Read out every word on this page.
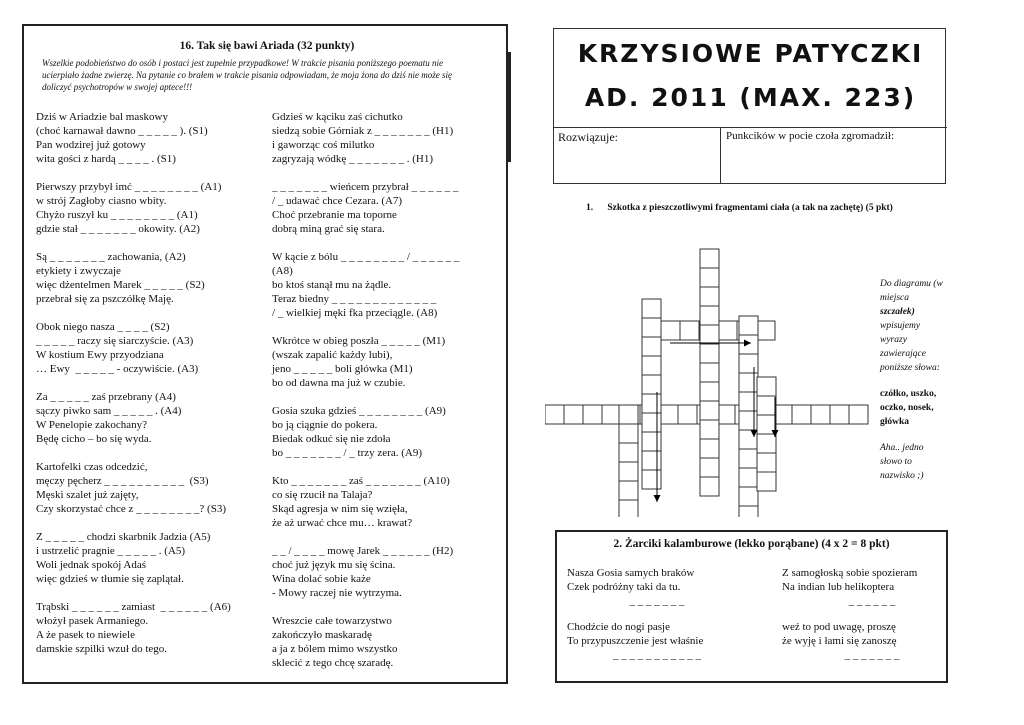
16. Tak się bawi Ariada (32 punkty)
Wszelkie podobieństwo do osób i postaci jest zupełnie przypadkowe! W trakcie pisania poniższego poematu nie ucierpiało żadne zwierzę. Na pytanie co brałem w trakcie pisania odpowiadam, że moja żona do dziś nie może się doliczyć psychotropów w swojej aptece!!!
Dziś w Ariadzie bal maskowy
(choć karnawał dawno _ _ _ _ _ ). (S1)
Pan wodzirej już gotowy
wita gości z hardą _ _ _ _ . (S1)
Pierwszy przybył imć _ _ _ _ _ _ _ _ (A1)
w strój Zagłoby ciasno wbity.
Chyżo ruszył ku _ _ _ _ _ _ _ _ (A1)
gdzie stał _ _ _ _ _ _ _ okowity. (A2)
Są _ _ _ _ _ _ _ zachowania, (A2)
etykiety i zwyczaje
więc dżentelmen Marek _ _ _ _ _ (S2)
przebrał się za pszczółkę Maję.
Obok niego nasza _ _ _ _ (S2)
_ _ _ _ _ raczy się siarczyście. (A3)
W kostium Ewy przyodziana
… Ewy  _ _ _ _ _ - oczywiście. (A3)
Za _ _ _ _ _ zaś przebrany (A4)
sączy piwko sam _ _ _ _ _ . (A4)
W Penelopie zakochany?
Będę cicho – bo się wyda.
Kartofelki czas odcedzić,
męczy pęcherz _ _ _ _ _ _ _ _ _ _  (S3)
Męski szalet już zajęty,
Czy skorzystać chce z _ _ _ _ _ _ _ _? (S3)
Z _ _ _ _ _ chodzi skarbnik Jadzia (A5)
i ustrzelić pragnie _ _ _ _ _ . (A5)
Woli jednak spokój Adaś
więc gdzieś w tłumie się zaplątał.
Trąbski _ _ _ _ _ _ zamiast  _ _ _ _ _ _ (A6)
włożył pasek Armaniego.
A że pasek to niewiele
damskie szpilki wzuł do tego.
Gdzieś w kąciku zaś cichutko
siedzą sobie Górniak z _ _ _ _ _ _ _ (H1)
i gaworząc coś milutko
zagryzają wódkę _ _ _ _ _ _ _ . (H1)
_ _ _ _ _ _ _ wieńcem przybrał _ _ _ _ _ _
/ _ udawać chce Cezara. (A7)
Choć przebranie ma toporne
dobrą miną grać się stara.
W kącie z bólu _ _ _ _ _ _ _ _ / _ _ _ _ _ _
(A8)
bo ktoś stanął mu na żądle.
Teraz biedny _ _ _ _ _ _ _ _ _ _ _ _ _
/ _ wielkiej męki fka przeciągle. (A8)
Wkrótce w obieg poszła _ _ _ _ _ (M1)
(wszak zapalić każdy lubi),
jeno _ _ _ _ _ boli główka (M1)
bo od dawna ma już w czubie.
Gosia szuka gdzieś _ _ _ _ _ _ _ _ (A9)
bo ją ciągnie do pokera.
Biedak odkuć się nie zdoła
bo _ _ _ _ _ _ _ / _ trzy zera. (A9)
Kto _ _ _ _ _ _ _ zaś _ _ _ _ _ _ _ (A10)
co się rzucił na Talaja?
Skąd agresja w nim się wzięła,
że aż urwać chce mu… krawat?
_ _ / _ _ _ _ mowę Jarek _ _ _ _ _ _ (H2)
choć już język mu się ścina.
Wina dolać sobie każe
- Mowy raczej nie wytrzyma.
Wreszcie całe towarzystwo
zakończyło maskaradę
a ja z bólem mimo wszystko
sklecić z tego chcę szaradę.
KRZYSIOWE PATYCZKI
AD. 2011 (MAX. 223)
Rozwiązuje:	Punkcików w pocie czoła zgromadził:
1.      Szkotka z pieszczotliwymi fragmentami ciała (a tak na zachętę) (5 pkt)
Do diagramu (w
miejsca
szczałek)
wpisujemy
wyrazy
zawierające
poniższe słowa:
czółko, uszko,
oczko, nosek,
główka
Aha.. jedno
słowo to
nazwisko ;)
2. Żarciki kalamburowe (lekko porąbane) (4 x 2 = 8 pkt)
Nasza Gosia samych braków
Czek podróżny taki da tu.
_ _ _ _ _ _ _
Z samogłoską sobie spozieram
Na indian lub helikoptera
_ _ _ _ _ _
Chodźcie do nogi pasje
To przypuszczenie jest właśnie
_ _ _ _ _ _ _ _ _ _ _
weź to pod uwagę, proszę
że wyję i łami się zanoszę
_ _ _ _ _ _ _
